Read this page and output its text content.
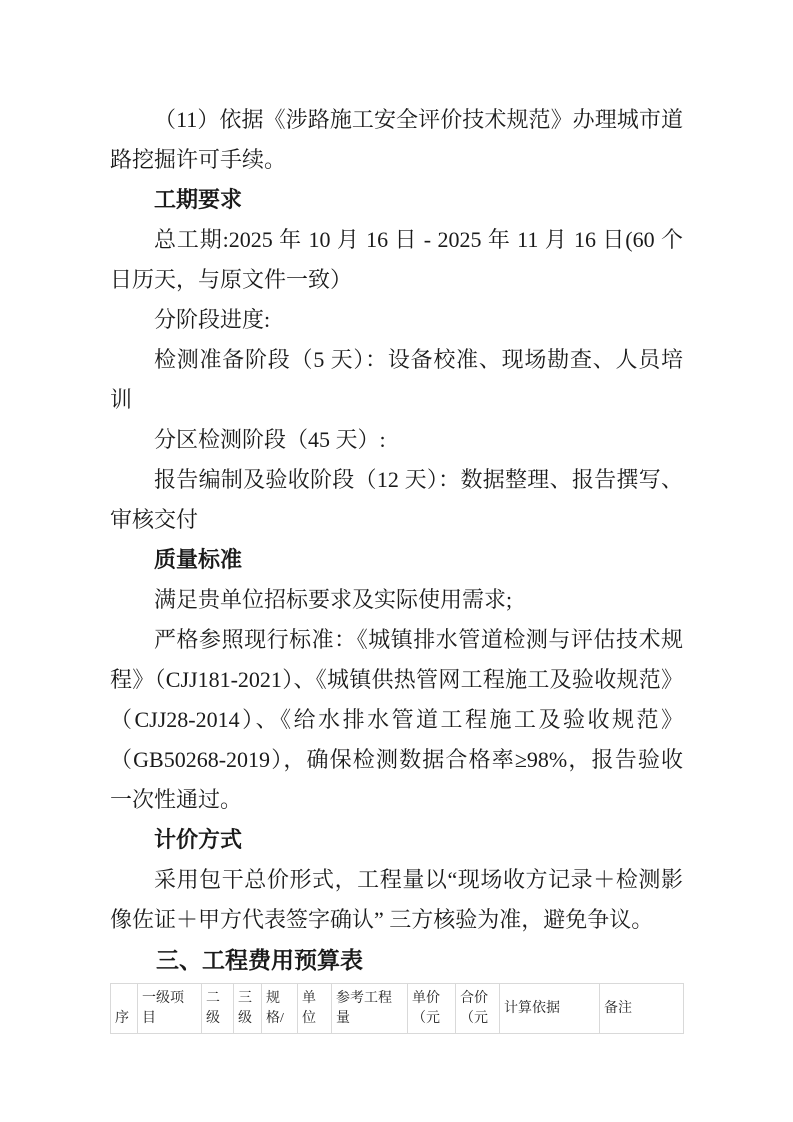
（11）依据《涉路施工安全评价技术规范》办理城市道路挖掘许可手续。

工期要求

总工期:2025 年 10 月 16 日 - 2025 年 11 月 16 日(60 个日历天，与原文件一致）

分阶段进度:

检测准备阶段（5 天）：设备校准、现场勘查、人员培训

分区检测阶段（45 天）:

报告编制及验收阶段（12 天）：数据整理、报告撰写、审核交付

质量标准

满足贵单位招标要求及实际使用需求;

严格参照现行标准：《城镇排水管道检测与评估技术规程》（CJJ181-2021）、《城镇供热管网工程施工及验收规范》（CJJ28-2014）、《给水排水管道工程施工及验收规范》（GB50268-2019），确保检测数据合格率≥98%，报告验收一次性通过。

计价方式

采用包干总价形式，工程量以“现场收方记录＋检测影像佐证＋甲方代表签字确认” 三方核验为准，避免争议。

三、工程费用预算表

序	一级项目	二级	三级	规格/	单位	参考工程量	单价（元	合价（元	计算依据	备注
